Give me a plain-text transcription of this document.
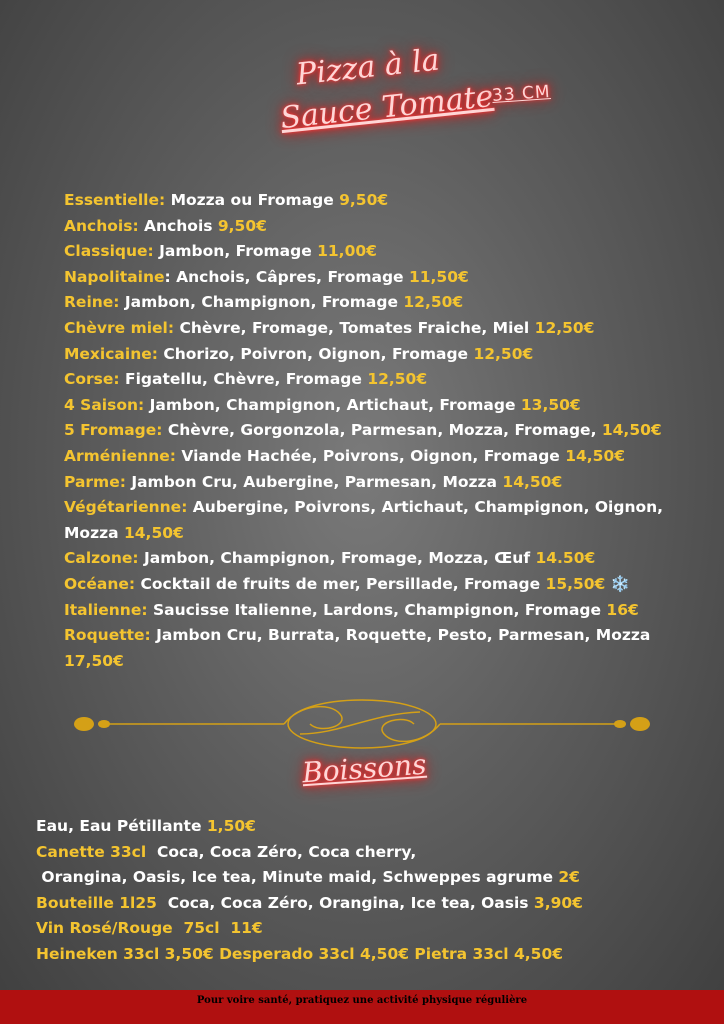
Pizza à la
Sauce Tomate
33 CM
Essentielle: Mozza ou Fromage 9,50€
Anchois: Anchois 9,50€
Classique: Jambon, Fromage 11,00€
Napolitaine: Anchois, Câpres, Fromage 11,50€
Reine: Jambon, Champignon, Fromage 12,50€
Chèvre miel: Chèvre, Fromage, Tomates Fraiche, Miel 12,50€
Mexicaine: Chorizo, Poivron, Oignon, Fromage 12,50€
Corse: Figatellu, Chèvre, Fromage 12,50€
4 Saison: Jambon, Champignon, Artichaut, Fromage 13,50€
5 Fromage: Chèvre, Gorgonzola, Parmesan, Mozza, Fromage, 14,50€
Arménienne: Viande Hachée, Poivrons, Oignon, Fromage 14,50€
Parme: Jambon Cru, Aubergine, Parmesan, Mozza 14,50€
Végétarienne: Aubergine, Poivrons, Artichaut, Champignon, Oignon, Mozza 14,50€
Calzone: Jambon, Champignon, Fromage, Mozza, Œuf 14.50€
Océane: Cocktail de fruits de mer, Persillade, Fromage 15,50€ ❄️
Italienne: Saucisse Italienne, Lardons, Champignon, Fromage 16€
Roquette: Jambon Cru, Burrata, Roquette, Pesto, Parmesan, Mozza 17,50€
Boissons
Eau, Eau Pétillante 1,50€
Canette 33cl  Coca, Coca Zéro, Coca cherry,
Orangina, Oasis, Ice tea, Minute maid, Schweppes agrume 2€
Bouteille 1l25  Coca, Coca Zéro, Orangina, Ice tea, Oasis 3,90€
Vin Rosé/Rouge  75cl  11€
Heineken 33cl 3,50€ Desperado 33cl 4,50€ Pietra 33cl 4,50€
Pour voire santé, pratiquez une activité physique régulière
